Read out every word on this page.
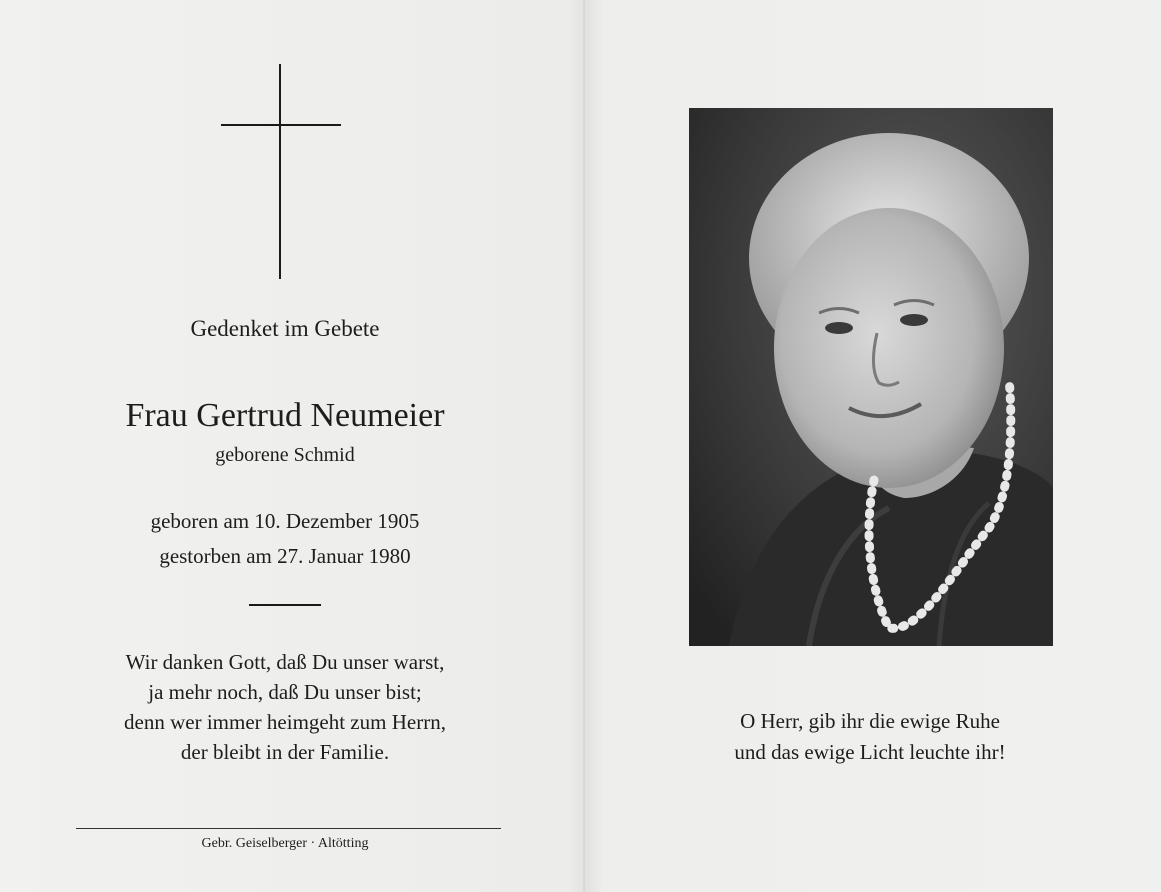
Gedenket im Gebete
Frau Gertrud Neumeier
geborene Schmid
geboren am 10. Dezember 1905
gestorben am 27. Januar 1980
Wir danken Gott, daß Du unser warst,
ja mehr noch, daß Du unser bist;
denn wer immer heimgeht zum Herrn,
der bleibt in der Familie.
Gebr. Geiselberger · Altötting
O Herr, gib ihr die ewige Ruhe
und das ewige Licht leuchte ihr!
